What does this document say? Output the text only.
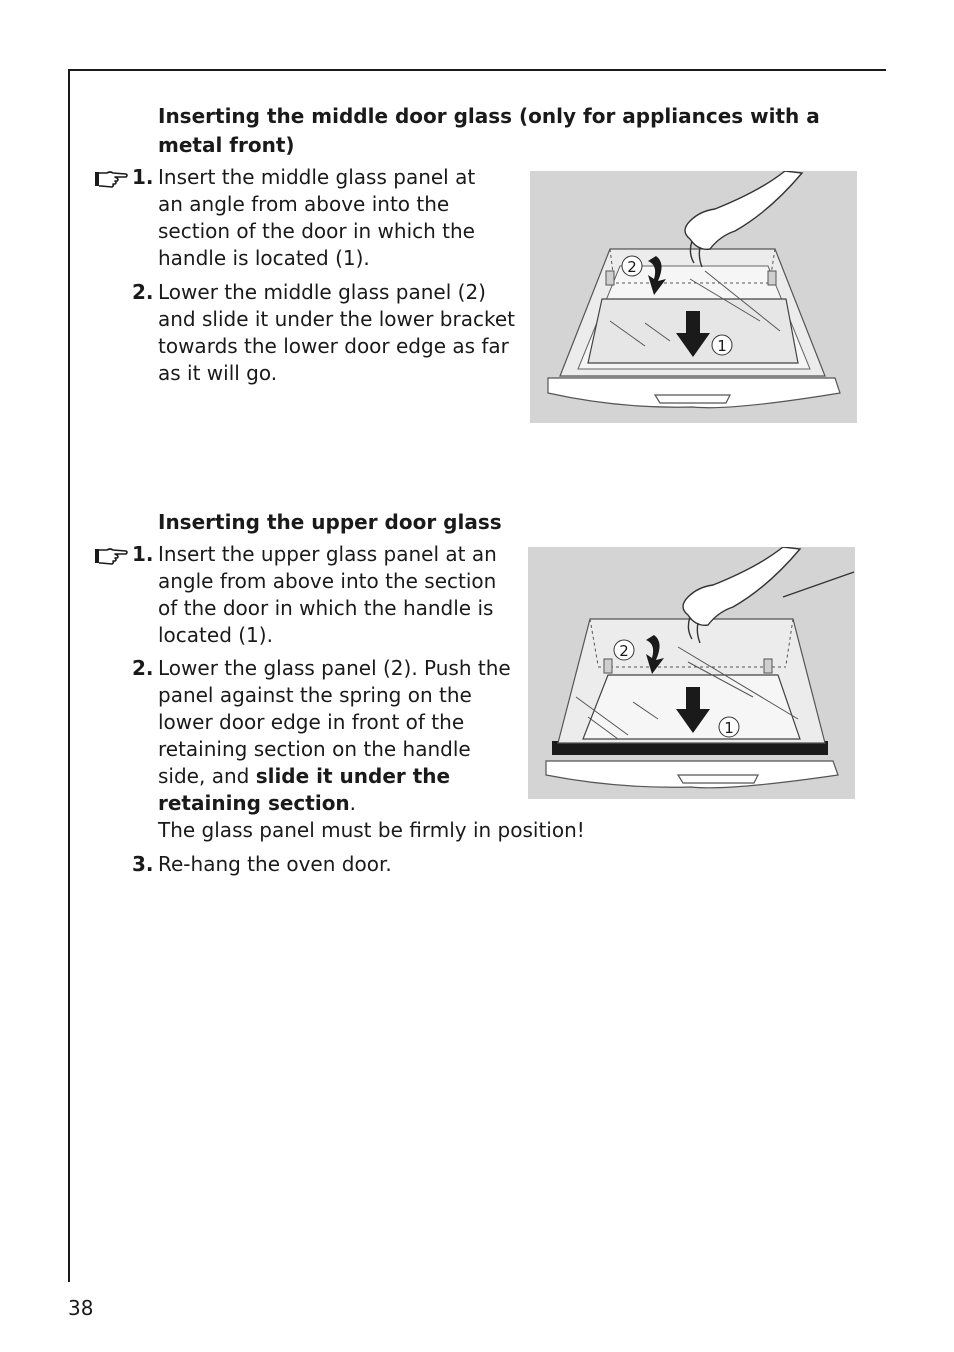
Inserting the middle door glass (only for appliances with a metal front)
1. Insert the middle glass panel at an angle from above into the section of the door in which the handle is located (1).
2. Lower the middle glass panel (2) and slide it under the lower bracket towards the lower door edge as far as it will go.
2
1
Inserting the upper door glass
1. Insert the upper glass panel at an angle from above into the section of the door in which the handle is located (1).
2. Lower the glass panel (2). Push the panel against the spring on the lower door edge in front of the retaining section on the handle side, and slide it under the retaining section.
The glass panel must be firmly in position!
3. Re-hang the oven door.
2
1
38
